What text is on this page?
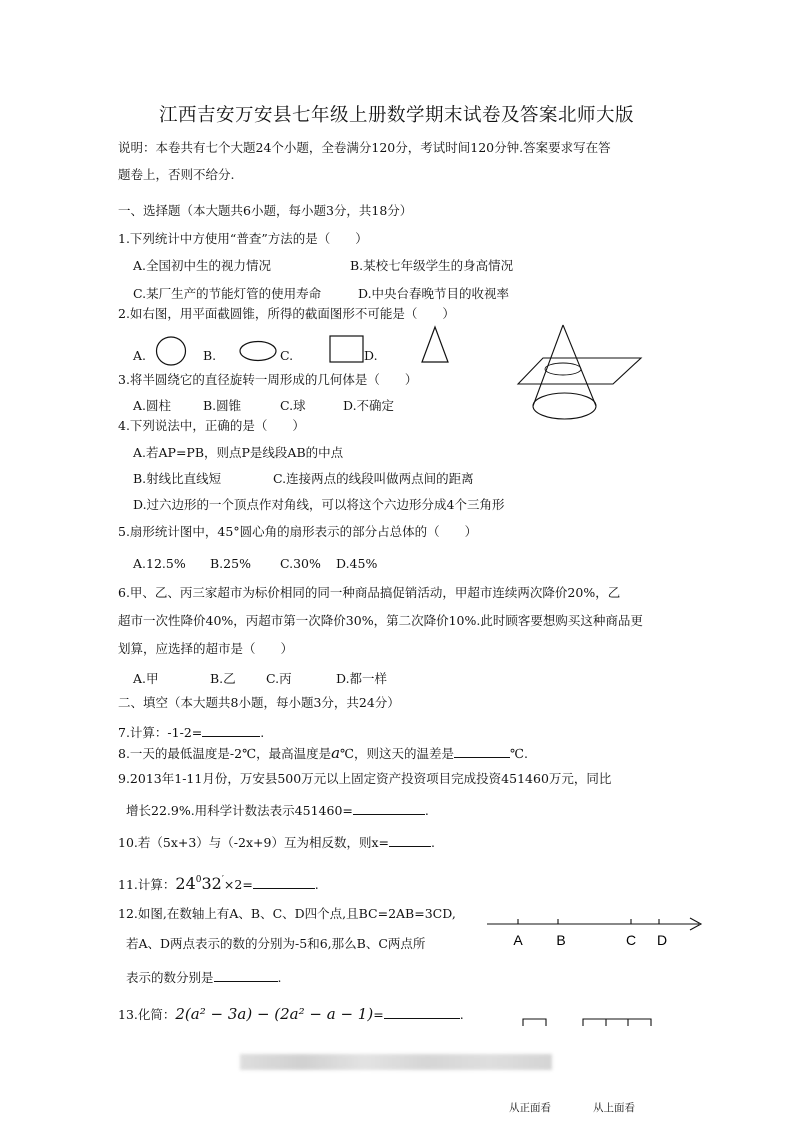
江西吉安万安县七年级上册数学期末试卷及答案北师大版
说明：本卷共有七个大题24个小题，全卷满分120分，考试时间120分钟.答案要求写在答
题卷上，否则不给分.
一、选择题（本大题共6小题，每小题3分，共18分）
1.下列统计中方使用“普查”方法的是（　　）
A.全国初中生的视力情况	B.某校七年级学生的身高情况
C.某厂生产的节能灯管的使用寿命	D.中央台春晚节目的收视率
2.如右图，用平面截圆锥，所得的截面图形不可能是（　　）
A.	B.	C.	D.
3.将半圆绕它的直径旋转一周形成的几何体是（　　）
A.圆柱	B.圆锥	C.球	D.不确定
4.下列说法中，正确的是（　　）
A.若AP=PB，则点P是线段AB的中点
B.射线比直线短	C.连接两点的线段叫做两点间的距离
D.过六边形的一个顶点作对角线，可以将这个六边形分成4个三角形
5.扇形统计图中，45°圆心角的扇形表示的部分占总体的（　　）
A.12.5% B.25% C.30% D.45%
6.甲、乙、丙三家超市为标价相同的同一种商品搞促销活动，甲超市连续两次降价20%，乙
超市一次性降价40%，丙超市第一次降价30%，第二次降价10%.此时顾客要想购买这种商品更
划算，应选择的超市是（　　）
A.甲	B.乙 C.丙	D.都一样
二、填空（本大题共8小题，每小题3分，共24分）
7.计算：-1-2=	.
8.一天的最低温度是-2℃，最高温度是a℃，则这天的温差是	℃.
9.2013年1-11月份，万安县500万元以上固定资产投资项目完成投资451460万元，同比
增长22.9%.用科学计数法表示451460=	.
10.若（5x+3）与（-2x+9）互为相反数，则x=	.
11.计算：$24^032'\times 2=$	.
12.如图,在数轴上有A、B、C、D四个点,且BC=2AB=3CD,
若A、D两点表示的数的分别为-5和6,那么B、C两点所
表示的数分别是	.
A B	C D
13.化简：2(a² − 3a) − (2a² − a − 1)=	.
从正面看	从上面看
